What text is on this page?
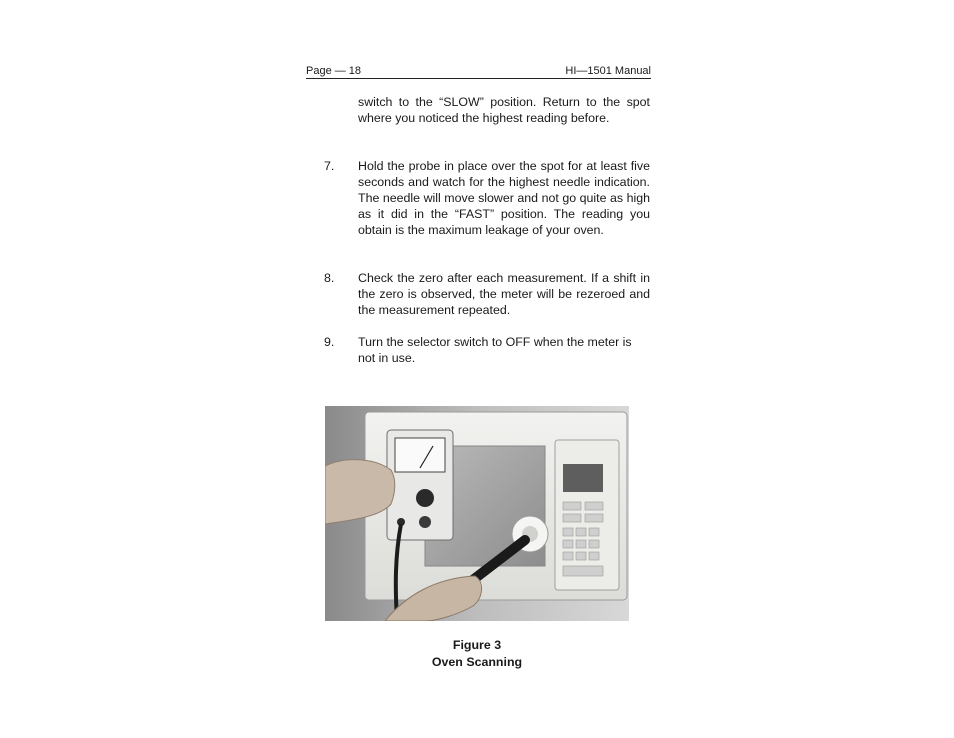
Page — 18	HI—1501 Manual

switch to the “SLOW” position. Return to the spot where you noticed the highest reading before.

7. Hold the probe in place over the spot for at least five seconds and watch for the highest needle indication. The needle will move slower and not go quite as high as it did in the “FAST” position. The reading you obtain is the maximum leakage of your oven.

8. Check the zero after each measurement. If a shift in the zero is observed, the meter will be rezeroed and the measurement repeated.

9. Turn the selector switch to OFF when the meter is not in use.

Figure 3
Oven Scanning
